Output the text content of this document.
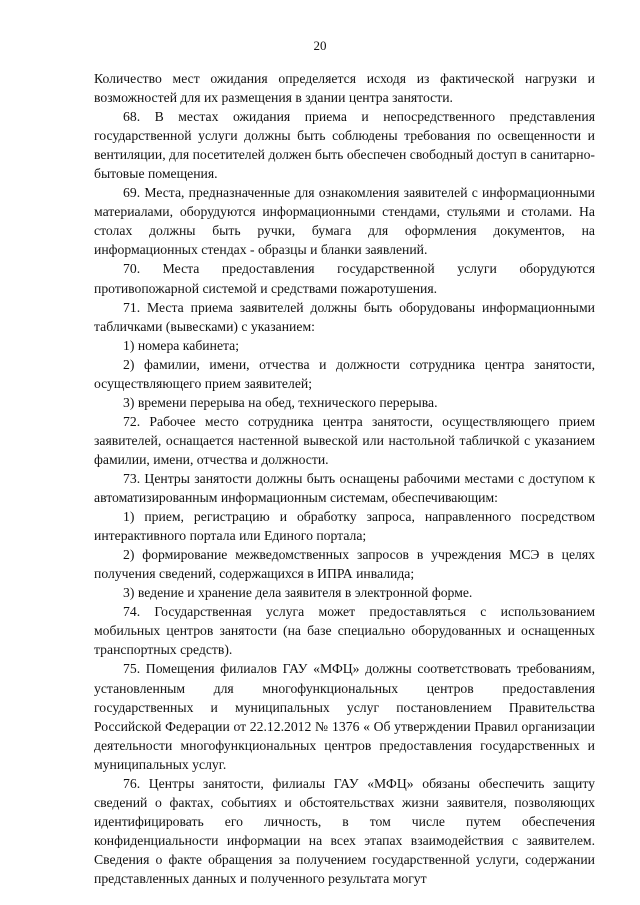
20

Количество мест ожидания определяется исходя из фактической нагрузки и возможностей для их размещения в здании центра занятости.

68. В местах ожидания приема и непосредственного представления государственной услуги должны быть соблюдены требования по освещенности и вентиляции, для посетителей должен быть обеспечен свободный доступ в санитарно-бытовые помещения.

69. Места, предназначенные для ознакомления заявителей с информационными материалами, оборудуются информационными стендами, стульями и столами. На столах должны быть ручки, бумага для оформления документов, на информационных стендах - образцы и бланки заявлений.

70. Места предоставления государственной услуги оборудуются противопожарной системой и средствами пожаротушения.

71. Места приема заявителей должны быть оборудованы информационными табличками (вывесками) с указанием:

1) номера кабинета;

2) фамилии, имени, отчества и должности сотрудника центра занятости, осуществляющего прием заявителей;

3) времени перерыва на обед, технического перерыва.

72. Рабочее место сотрудника центра занятости, осуществляющего прием заявителей, оснащается настенной вывеской или настольной табличкой с указанием фамилии, имени, отчества и должности.

73. Центры занятости должны быть оснащены рабочими местами с доступом к автоматизированным информационным системам, обеспечивающим:

1) прием, регистрацию и обработку запроса, направленного посредством интерактивного портала или Единого портала;

2) формирование межведомственных запросов в учреждения МСЭ в целях получения сведений, содержащихся в ИПРА инвалида;

3) ведение и хранение дела заявителя в электронной форме.

74. Государственная услуга может предоставляться с использованием мобильных центров занятости (на базе специально оборудованных и оснащенных транспортных средств).

75. Помещения филиалов ГАУ «МФЦ» должны соответствовать требованиям, установленным для многофункциональных центров предоставления государственных и муниципальных услуг постановлением Правительства Российской Федерации от 22.12.2012 № 1376 « Об утверждении Правил организации деятельности многофункциональных центров предоставления государственных и муниципальных услуг.

76. Центры занятости, филиалы ГАУ «МФЦ» обязаны обеспечить защиту сведений о фактах, событиях и обстоятельствах жизни заявителя, позволяющих идентифицировать его личность, в том числе путем обеспечения конфиденциальности информации на всех этапах взаимодействия с заявителем. Сведения о факте обращения за получением государственной услуги, содержании представленных данных и полученного результата могут
